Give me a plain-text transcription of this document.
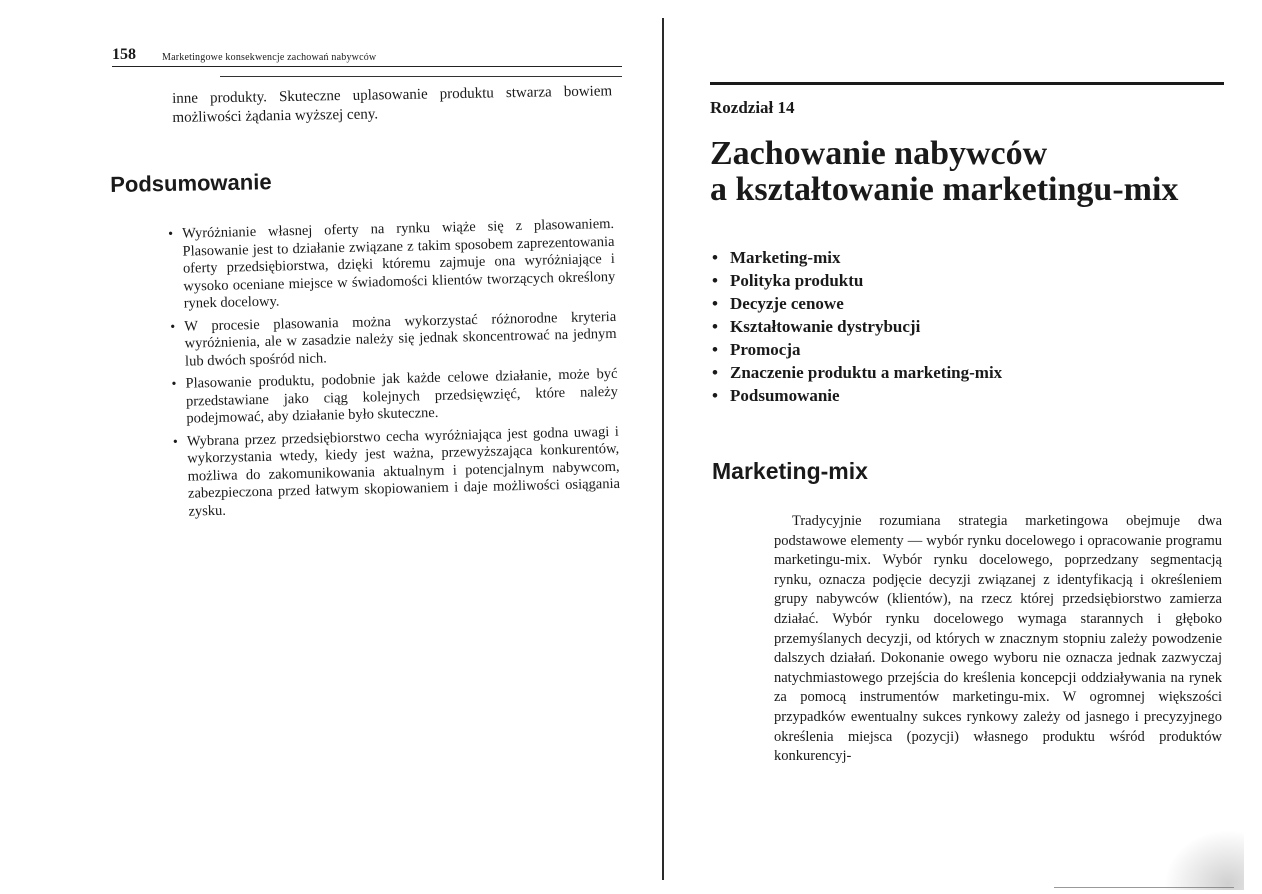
158	Marketingowe konsekwencje zachowań nabywców
inne produkty. Skuteczne uplasowanie produktu stwarza bowiem możliwości żądania wyższej ceny.
Podsumowanie
• Wyróżnianie własnej oferty na rynku wiąże się z plasowaniem. Plasowanie jest to działanie związane z takim sposobem zaprezentowania oferty przedsiębiorstwa, dzięki któremu zajmuje ona wyróżniające i wysoko oceniane miejsce w świadomości klientów tworzących określony rynek docelowy.
• W procesie plasowania można wykorzystać różnorodne kryteria wyróżnienia, ale w zasadzie należy się jednak skoncentrować na jednym lub dwóch spośród nich.
• Plasowanie produktu, podobnie jak każde celowe działanie, może być przedstawiane jako ciąg kolejnych przedsięwzięć, które należy podejmować, aby działanie było skuteczne.
• Wybrana przez przedsiębiorstwo cecha wyróżniająca jest godna uwagi i wykorzystania wtedy, kiedy jest ważna, przewyższająca konkurentów, możliwa do zakomunikowania aktualnym i potencjalnym nabywcom, zabezpieczona przed łatwym skopiowaniem i daje możliwości osiągania zysku.
Rozdział 14
Zachowanie nabywców
a kształtowanie marketingu-mix
• Marketing-mix
• Polityka produktu
• Decyzje cenowe
• Kształtowanie dystrybucji
• Promocja
• Znaczenie produktu a marketing-mix
• Podsumowanie
Marketing-mix

Tradycyjnie rozumiana strategia marketingowa obejmuje dwa podstawowe elementy — wybór rynku docelowego i opracowanie programu marketingu-mix. Wybór rynku docelowego, poprzedzany segmentacją rynku, oznacza podjęcie decyzji związanej z identyfikacją i określeniem grupy nabywców (klientów), na rzecz której przedsiębiorstwo zamierza działać. Wybór rynku docelowego wymaga starannych i głęboko przemyślanych decyzji, od których w znacznym stopniu zależy powodzenie dalszych działań. Dokonanie owego wyboru nie oznacza jednak zazwyczaj natychmiastowego przejścia do kreślenia koncepcji oddziaływania na rynek za pomocą instrumentów marketingu-mix. W ogromnej większości przypadków ewentualny sukces rynkowy zależy od jasnego i precyzyjnego określenia miejsca (pozycji) własnego produktu wśród produktów konkurencyj-
